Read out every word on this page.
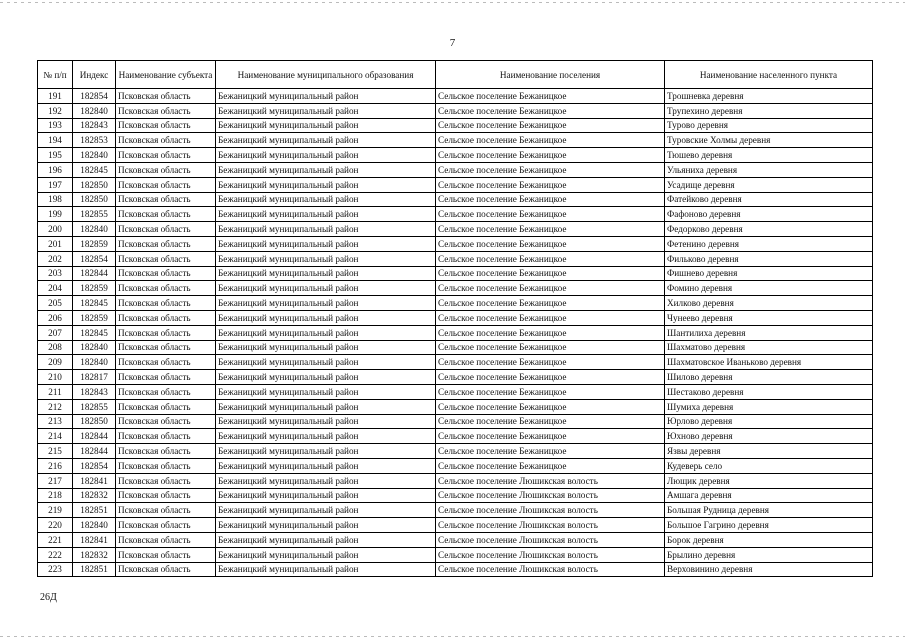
7
№ п/п	Индекс	Наименование субъекта	Наименование муниципального образования	Наименование поселения	Наименование населенного пункта
191	182854	Псковская область	Бежаницкий муниципальный район	Сельское поселение Бежаницкое	Трошневка деревня
192	182840	Псковская область	Бежаницкий муниципальный район	Сельское поселение Бежаницкое	Трупехино деревня
193	182843	Псковская область	Бежаницкий муниципальный район	Сельское поселение Бежаницкое	Турово деревня
194	182853	Псковская область	Бежаницкий муниципальный район	Сельское поселение Бежаницкое	Туровские Холмы деревня
195	182840	Псковская область	Бежаницкий муниципальный район	Сельское поселение Бежаницкое	Тюшево деревня
196	182845	Псковская область	Бежаницкий муниципальный район	Сельское поселение Бежаницкое	Ульяниха деревня
197	182850	Псковская область	Бежаницкий муниципальный район	Сельское поселение Бежаницкое	Усадище деревня
198	182850	Псковская область	Бежаницкий муниципальный район	Сельское поселение Бежаницкое	Фатейково деревня
199	182855	Псковская область	Бежаницкий муниципальный район	Сельское поселение Бежаницкое	Фафоново деревня
200	182840	Псковская область	Бежаницкий муниципальный район	Сельское поселение Бежаницкое	Федорково деревня
201	182859	Псковская область	Бежаницкий муниципальный район	Сельское поселение Бежаницкое	Фетенино деревня
202	182854	Псковская область	Бежаницкий муниципальный район	Сельское поселение Бежаницкое	Фильково деревня
203	182844	Псковская область	Бежаницкий муниципальный район	Сельское поселение Бежаницкое	Фишнево деревня
204	182859	Псковская область	Бежаницкий муниципальный район	Сельское поселение Бежаницкое	Фомино деревня
205	182845	Псковская область	Бежаницкий муниципальный район	Сельское поселение Бежаницкое	Хилково деревня
206	182859	Псковская область	Бежаницкий муниципальный район	Сельское поселение Бежаницкое	Чунеево деревня
207	182845	Псковская область	Бежаницкий муниципальный район	Сельское поселение Бежаницкое	Шантилиха деревня
208	182840	Псковская область	Бежаницкий муниципальный район	Сельское поселение Бежаницкое	Шахматово деревня
209	182840	Псковская область	Бежаницкий муниципальный район	Сельское поселение Бежаницкое	Шахматовское Иваньково деревня
210	182817	Псковская область	Бежаницкий муниципальный район	Сельское поселение Бежаницкое	Шилово деревня
211	182843	Псковская область	Бежаницкий муниципальный район	Сельское поселение Бежаницкое	Шестаково деревня
212	182855	Псковская область	Бежаницкий муниципальный район	Сельское поселение Бежаницкое	Шумиха деревня
213	182850	Псковская область	Бежаницкий муниципальный район	Сельское поселение Бежаницкое	Юрлово деревня
214	182844	Псковская область	Бежаницкий муниципальный район	Сельское поселение Бежаницкое	Юхново деревня
215	182844	Псковская область	Бежаницкий муниципальный район	Сельское поселение Бежаницкое	Язвы деревня
216	182854	Псковская область	Бежаницкий муниципальный район	Сельское поселение Бежаницкое	Кудеверь село
217	182841	Псковская область	Бежаницкий муниципальный район	Сельское поселение Люшикская волость	Лющик деревня
218	182832	Псковская область	Бежаницкий муниципальный район	Сельское поселение Люшикская волость	Амшага деревня
219	182851	Псковская область	Бежаницкий муниципальный район	Сельское поселение Люшикская волость	Большая Рудница деревня
220	182840	Псковская область	Бежаницкий муниципальный район	Сельское поселение Люшикская волость	Большое Гагрино деревня
221	182841	Псковская область	Бежаницкий муниципальный район	Сельское поселение Люшикская волость	Борок деревня
222	182832	Псковская область	Бежаницкий муниципальный район	Сельское поселение Люшикская волость	Брылино деревня
223	182851	Псковская область	Бежаницкий муниципальный район	Сельское поселение Люшикская волость	Верховинино деревня
26Д
